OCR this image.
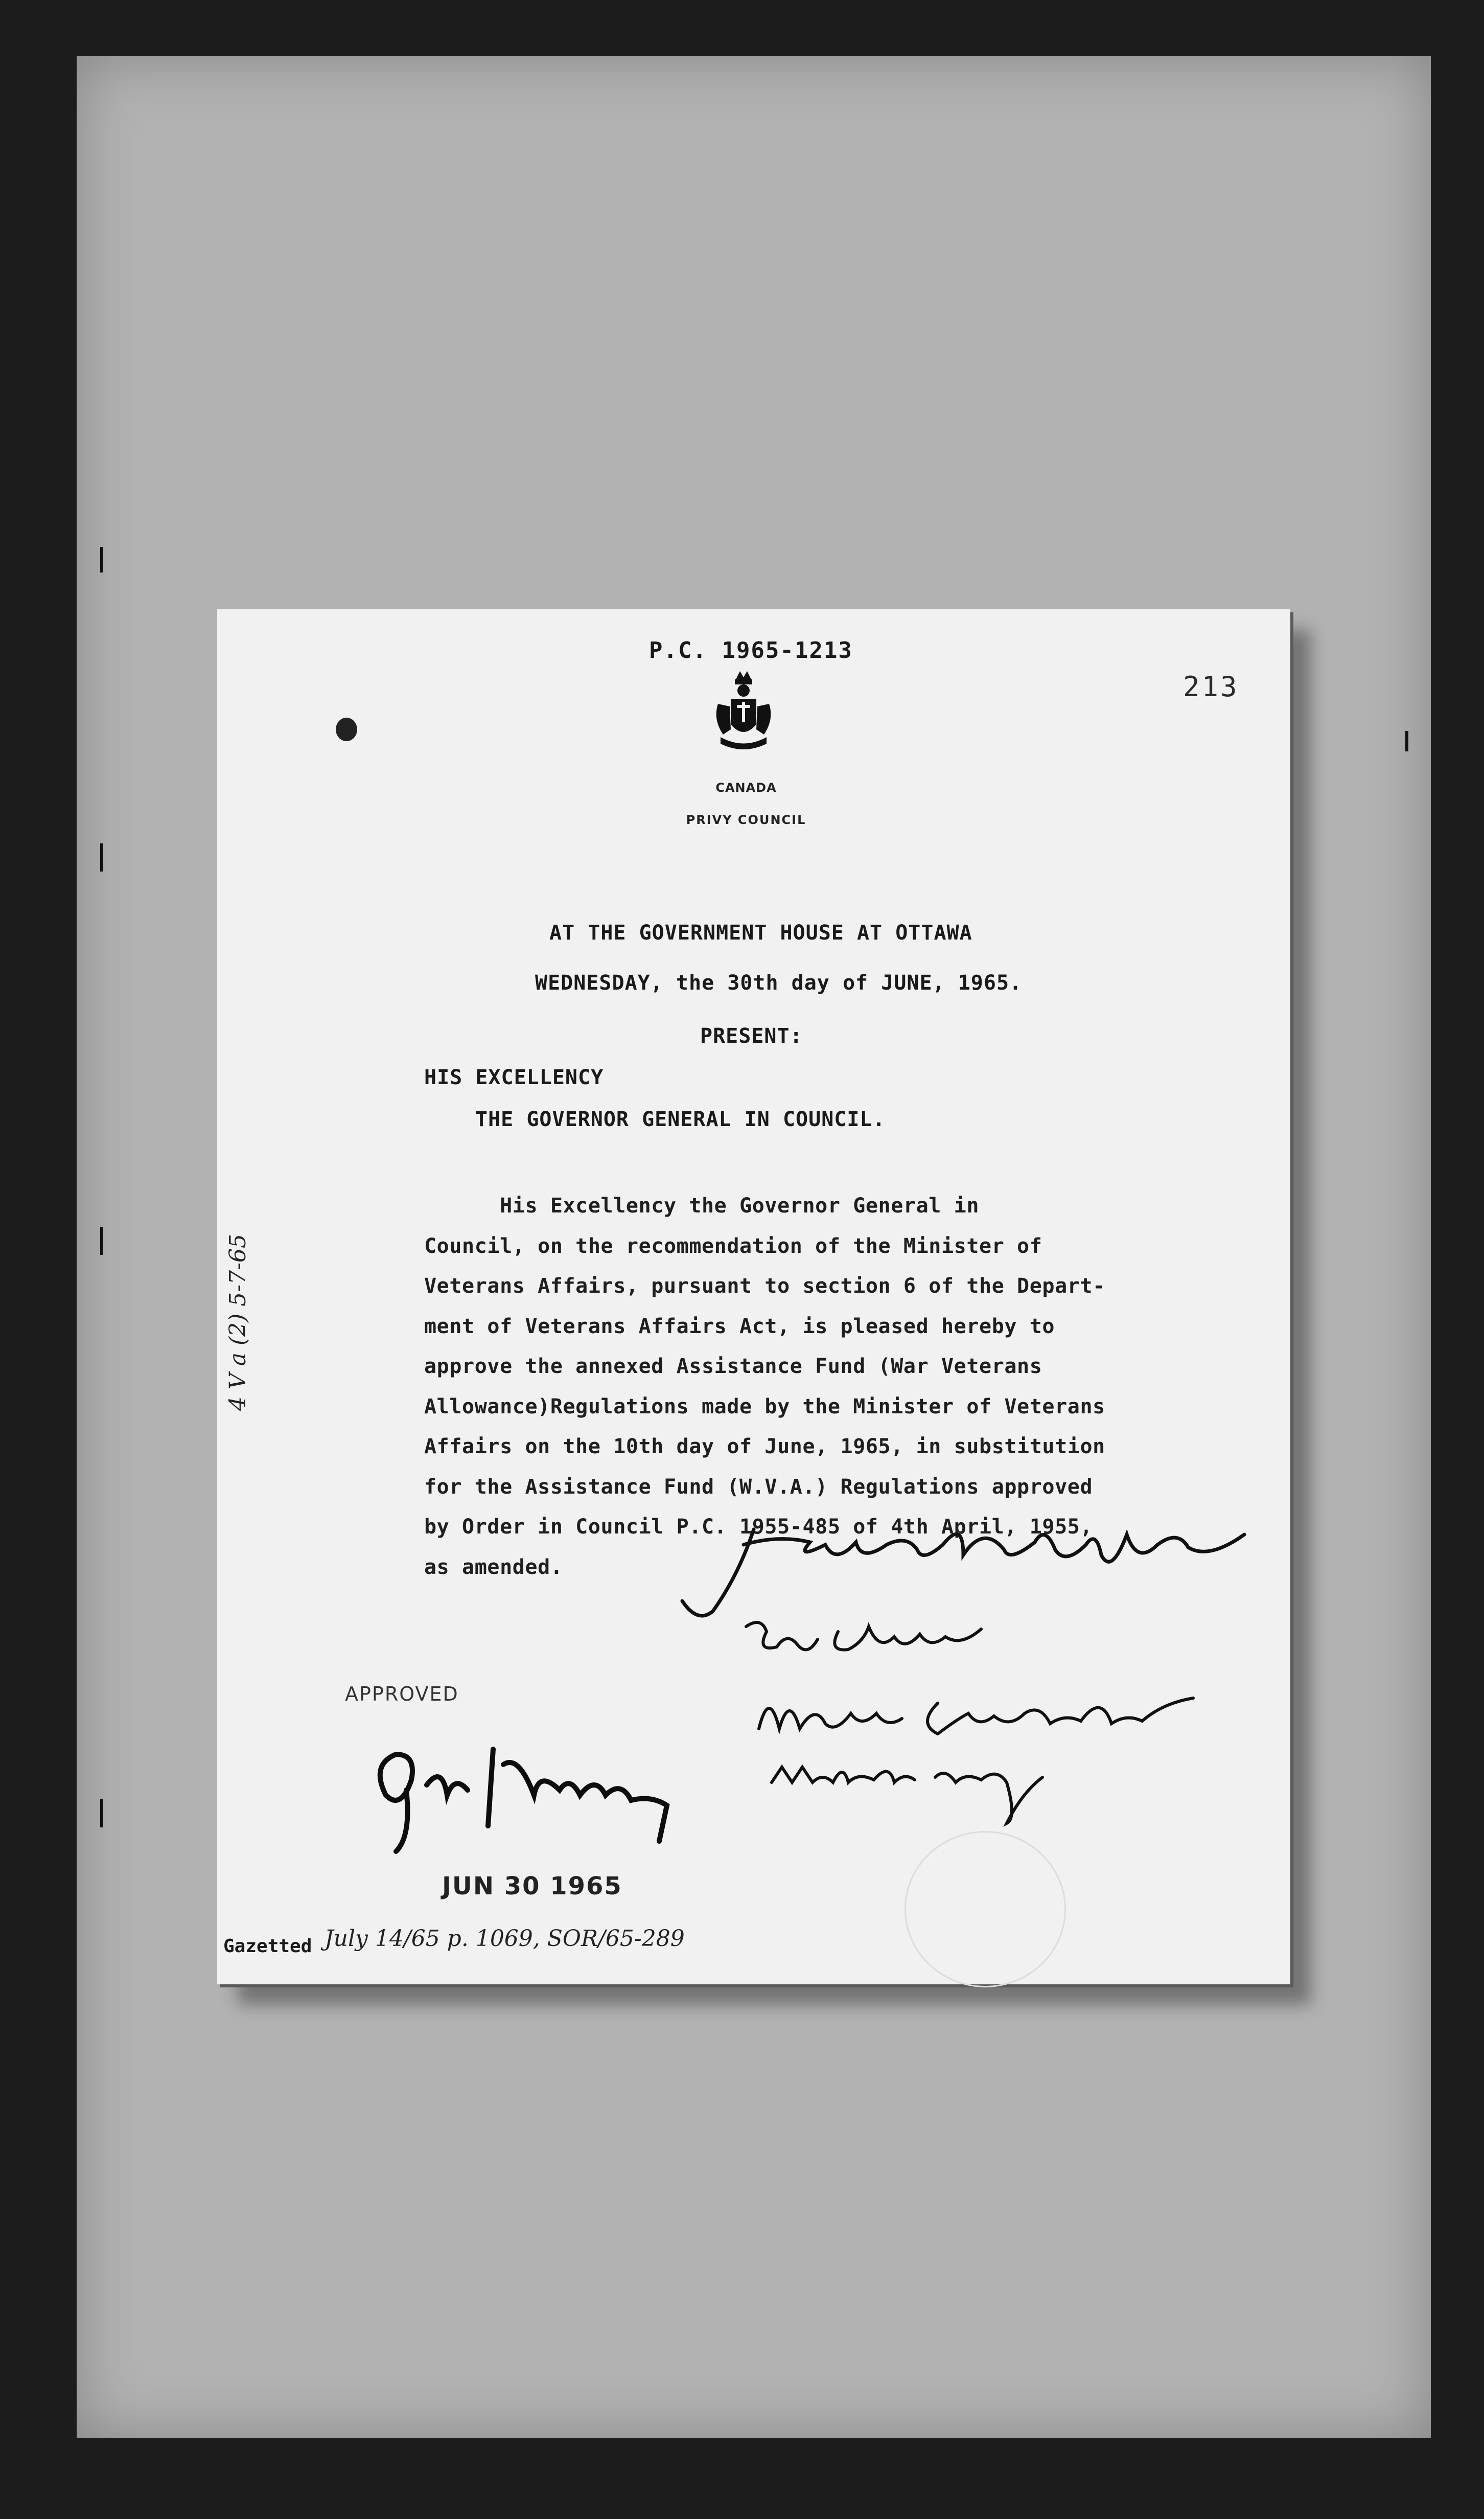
P.C. 1965-1213
213
CANADA
PRIVY COUNCIL
AT THE GOVERNMENT HOUSE AT OTTAWA
WEDNESDAY, the 30th day of JUNE, 1965.
PRESENT:
HIS EXCELLENCY
THE GOVERNOR GENERAL IN COUNCIL.
His Excellency the Governor General in
Council, on the recommendation of the Minister of
Veterans Affairs, pursuant to section 6 of the Depart-
ment of Veterans Affairs Act, is pleased hereby to
approve the annexed Assistance Fund (War Veterans
Allowance)Regulations made by the Minister of Veterans
Affairs on the 10th day of June, 1965, in substitution
for the Assistance Fund (W.V.A.) Regulations approved
by Order in Council P.C. 1955-485 of 4th April, 1955,
as amended.
APPROVED
JUN 30 1965
Gazetted July 14/65 p. 1069, SOR/65-289
4 V a (2) 5-7-65
